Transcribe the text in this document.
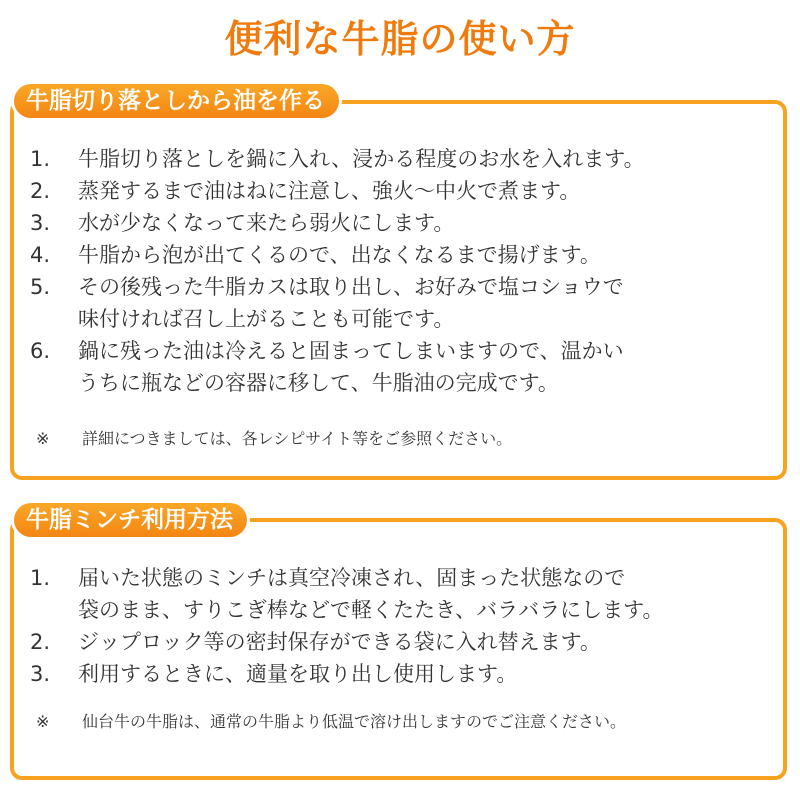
便利な牛脂の使い方
牛脂切り落としから油を作る
1.	牛脂切り落としを鍋に入れ、浸かる程度のお水を入れます。
2.	蒸発するまで油はねに注意し、強火〜中火で煮ます。
3.	水が少なくなって来たら弱火にします。
4.	牛脂から泡が出てくるので、出なくなるまで揚げます。
5.	その後残った牛脂カスは取り出し、お好みで塩コショウで
味付ければ召し上がることも可能です。
6.	鍋に残った油は冷えると固まってしまいますので、温かい
うちに瓶などの容器に移して、牛脂油の完成です。
※	詳細につきましては、各レシピサイト等をご参照ください。
牛脂ミンチ利用方法
1.	届いた状態のミンチは真空冷凍され、固まった状態なので
袋のまま、すりこぎ棒などで軽くたたき、バラバラにします。
2.	ジップロック等の密封保存ができる袋に入れ替えます。
3.	利用するときに、適量を取り出し使用します。
※	仙台牛の牛脂は、通常の牛脂より低温で溶け出しますのでご注意ください。
